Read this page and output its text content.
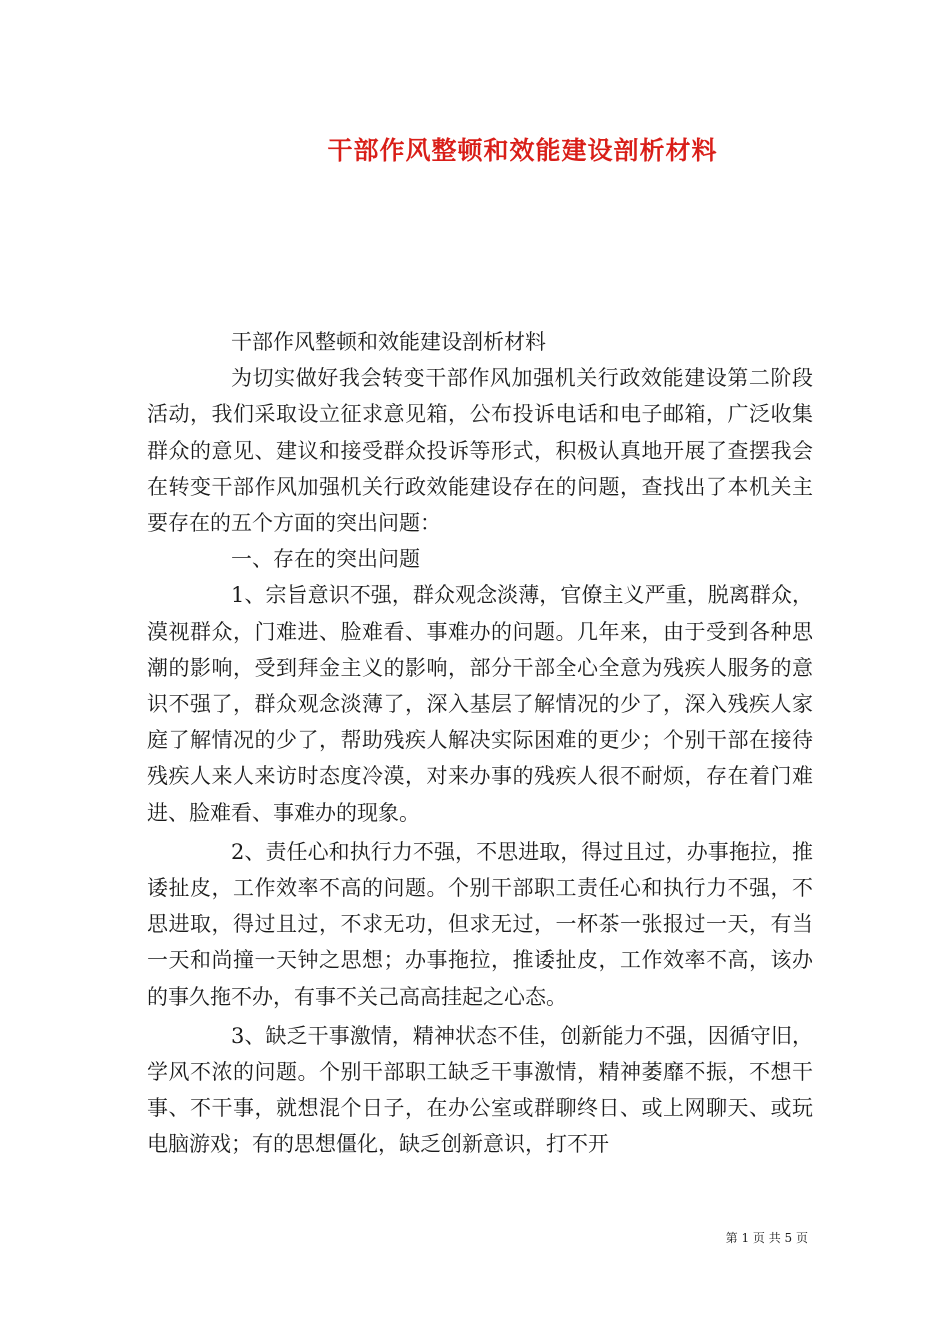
干部作风整顿和效能建设剖析材料

干部作风整顿和效能建设剖析材料

为切实做好我会转变干部作风加强机关行政效能建设第二阶段活动，我们采取设立征求意见箱，公布投诉电话和电子邮箱，广泛收集群众的意见、建议和接受群众投诉等形式，积极认真地开展了查摆我会在转变干部作风加强机关行政效能建设存在的问题，查找出了本机关主要存在的五个方面的突出问题：

一、存在的突出问题

1、宗旨意识不强，群众观念淡薄，官僚主义严重，脱离群众，漠视群众，门难进、脸难看、事难办的问题。几年来，由于受到各种思潮的影响，受到拜金主义的影响，部分干部全心全意为残疾人服务的意识不强了，群众观念淡薄了，深入基层了解情况的少了，深入残疾人家庭了解情况的少了，帮助残疾人解决实际困难的更少；个别干部在接待残疾人来人来访时态度冷漠，对来办事的残疾人很不耐烦，存在着门难进、脸难看、事难办的现象。

2、责任心和执行力不强，不思进取，得过且过，办事拖拉，推诿扯皮，工作效率不高的问题。个别干部职工责任心和执行力不强，不思进取，得过且过，不求无功，但求无过，一杯茶一张报过一天，有当一天和尚撞一天钟之思想；办事拖拉，推诿扯皮，工作效率不高，该办的事久拖不办，有事不关己高高挂起之心态。

3、缺乏干事激情，精神状态不佳，创新能力不强，因循守旧，学风不浓的问题。个别干部职工缺乏干事激情，精神萎靡不振，不想干事、不干事，就想混个日子，在办公室或群聊终日、或上网聊天、或玩电脑游戏；有的思想僵化，缺乏创新意识，打不开

第 1 页 共 5 页
